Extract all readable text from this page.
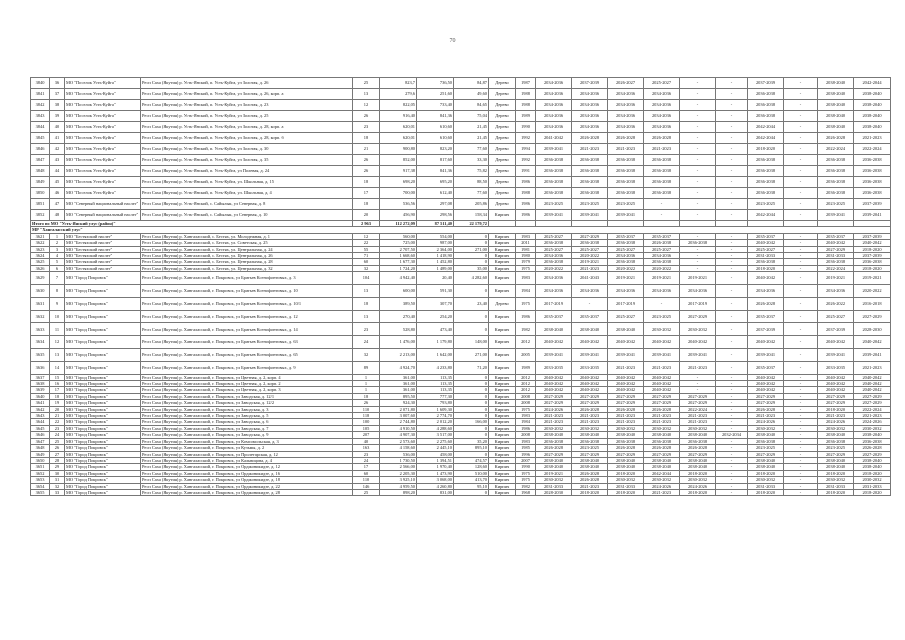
70
3840	36	МО "Поселок Усть-Куйга"	Респ Саха (Якутия) р. Усть-Янский, п. Усть-Куйга, ул Золотая, д. 26	25	823,7	736,50	84,87	Дерево	1987	2034-2036	2037-2039	2026-2027	2025-2027	-	-	2037-2039	-	2038-2040	2042-2044
3841	37	МО "Поселок Усть-Куйга"	Респ Саха (Якутия) р. Усть-Янский, п. Усть-Куйга, ул Золотая, д. 26, корп. а	13	279,6	251,60	49,60	Дерево	1988	2034-2036	2034-2036	2034-2036	2034-2036	-	-	2036-2038	-	2038-2040	2038-2040
3842	38	МО "Поселок Усть-Куйга"	Респ Саха (Якутия) р. Усть-Янский, п. Усть-Куйга, ул Золотая, д. 23	12	822,05	733,40	84,65	Дерево	1988	2034-2036	2034-2036	2034-2036	2034-2036	-	-	2036-2038	-	2038-2040	2038-2040
3843	39	МО "Поселок Усть-Куйга"	Респ Саха (Якутия) р. Усть-Янский, п. Усть-Куйга, ул Золотая, д. 25	26	916,40	841,36	75,04	Дерево	1989	2034-2036	2034-2036	2034-2036	2034-2036	-	-	2036-2038	-	2038-2040	2038-2040
3844	40	МО "Поселок Усть-Куйга"	Респ Саха (Якутия) р. Усть-Янский, п. Усть-Куйга, ул Золотая, д. 28, корп. а	23	620,01	610,60	21,45	Дерево	1990	2034-2036	2034-2036	2034-2036	2034-2036	-	-	2042-2044	-	2038-2040	2038-2040
3845	41	МО "Поселок Усть-Куйга"	Респ Саха (Якутия) р. Усть-Янский, п. Усть-Куйга, ул Золотая, д. 28, корп. б	18	620,01	610,60	21,45	Дерево	1992	2041-2042	2026-2028	2026-2028	2026-2028	-	-	2042-2044	-	2026-2028	2021-2023
3846	42	МО "Поселок Усть-Куйга"	Респ Саха (Якутия) р. Усть-Янский, п. Усть-Куйга, ул Золотая, д. 30	21	900,80	823,20	77,60	Дерево	1994	2039-2041	2021-2023	2021-2023	2021-2023	-	-	2018-2020	-	2022-2024	2022-2024
3847	43	МО "Поселок Усть-Куйга"	Респ Саха (Якутия) р. Усть-Янский, п. Усть-Куйга, ул Золотая, д. 35	26	852,00	817,60	33,30	Дерево	1992	2036-2038	2036-2038	2036-2038	2036-2038	-	-	2036-2038	-	2036-2038	2036-2038
3848	44	МО "Поселок Усть-Куйга"	Респ Саха (Якутия) р. Усть-Янский, п. Усть-Куйга, ул Полевая, д. 24	26	917,38	841,36	75,82	Дерево	1991	2036-2038	2036-2038	2036-2038	2036-2038	-	-	2036-2038	-	2036-2038	2036-2038
3849	45	МО "Поселок Усть-Куйга"	Респ Саха (Якутия) р. Усть-Янский, п. Усть-Куйга, ул. Школьная, д. 15	18	698,20	695,20	88,50	Дерево	1986	2036-2038	2036-2038	2036-2038	2036-2038	-	-	2036-2038	-	2036-2038	2036-2038
3850	46	МО "Поселок Усть-Куйга"	Респ Саха (Якутия) р. Усть-Янский, п. Усть-Куйга, ул. Школьная, д. 4	17	700,00	612,40	77,60	Дерево	1988	2036-2038	2036-2038	2036-2038	2036-2038	-	-	2036-2038	-	2036-2038	2036-2038
3851	47	МО "Северный национальный наслег"	Респ Саха (Якутия) р. Усть-Янский, с. Сайылык, ул Северная, д. 8	18	536,56	297,08	205,86	Дерево	1986	2023-2025	2023-2025	2023-2025	-	-	-	2023-2025	-	2023-2025	2037-2039
3852	48	МО "Северный национальный наслег"	Респ Саха (Якутия) р. Усть-Янский, с. Сайылык, ул Северная, д. 10	20	456,90	298,56	158,34	Кирпич	1986	2039-2041	2039-2041	2039-2041	-	-	-	2042-2044	-	2039-2041	2039-2041
Итого по МО "Усть-Янский улус (район)"				2 963	112 272,09	87 511,40	22 179,72												
МР "Хангаласский улус"																			
3621	1	МО "Бестяхский наслег"	Респ Саха (Якутия) р. Хангаласский, с. Бестях, ул. Молодежная, д. 1	12	560,00	554,00	0	Кирпич	1983	2025-2027	2027-2029	2035-2037	2035-2037	-	-	2035-2037	-	2035-2037	2037-2039
3622	2	МО "Бестяхский наслег"	Респ Саха (Якутия) р. Хангаласский, с. Бестях, ул. Советская, д. 25	22	725,00	987,00	0	Кирпич	2011	2036-2038	2036-2038	2036-2038	2026-2038	2036-2038	-	2040-2042	-	2040-2042	2040-2042
3623	3	МО "Бестяхский наслег"	Респ Саха (Якутия) р. Хангаласский, с. Бестях, ул. Центральная, д. 24	55	2 707,50	2 364,00	271,00	Кирпич	1981	2025-2027	2025-2027	2025-2027	2025-2027	-	-	2025-2027	-	2027-2029	2018-2020
3624	4	МО "Бестяхский наслег"	Респ Саха (Якутия) р. Хангаласский, с. Бестях, ул. Центральная, д. 26	71	1 668,60	1 418,90	0	Кирпич	1980	2034-2036	2020-2022	2034-2036	2034-2036	-	-	2031-2033	-	2031-2033	2037-2039
3625	5	МО "Бестяхский наслег"	Респ Саха (Якутия) р. Хангаласский, с. Бестях, ул. Центральная, д. 28	60	1 677,30	1 452,80	0	Кирпич	1979	2036-2038	2019-2021	2036-2038	2036-2038	-	-	2036-2038	-	2036-2038	2036-2038
3626	6	МО "Бестяхский наслег"	Респ Саха (Якутия) р. Хангаласский, с. Бестях, ул. Центральная, д. 32	32	1 724,20	1 489,00	35,00	Кирпич	1975	2020-2022	2021-2023	2020-2022	2020-2022	-	-	2018-2020	-	2022-2024	2018-2020
3629	7	МО "Город Покровск"	Респ Саха (Якутия) р. Хангаласский, г. Покровск, ул Братьев Ксенофонтовых, д. 3	104	4 942,40	20,40	4 282,60	Кирпич	1983	2034-2036	2041-2043	2019-2021	2019-2021	2019-2021	-	2040-2042	-	2019-2021	2019-2021
3630	8	МО "Город Покровск"	Респ Саха (Якутия) р. Хангаласский, г. Покровск, ул Братьев Ксенофонтовых, д. 10	13	600,00	591,30	0	Кирпич	1984	2034-2036	2034-2036	2034-2036	2034-2036	2034-2036	-	2034-2036	-	2034-2036	2020-2022
3631	9	МО "Город Покровск"	Респ Саха (Якутия) р. Хангаласский, г. Покровск, ул Братьев Ксенофонтовых, д. 10/1	18	389,50	307,70	23,40	Дерево	1975	2017-2019	-	2017-2019	-	2017-2019	-	2026-2028	-	2026-2022	2016-2018
3632	10	МО "Город Покровск"	Респ Саха (Якутия) р. Хангаласский, г. Покровск, ул Братьев Ксенофонтовых, д. 12	13	270,40	254,20	0	Кирпич	1986	2035-2037	2035-2037	2025-2027	2023-2025	2027-2029	-	2035-2037	-	2025-2027	2027-2029
3633	11	МО "Город Покровск"	Респ Саха (Якутия) р. Хангаласский, г. Покровск, ул Братьев Ксенофонтовых, д. 14	23	528,80	473,40	0	Кирпич	1982	2038-2040	2038-2040	2038-2040	2030-2032	2030-2032	-	2037-2039	-	2037-2039	2028-2030
3634	12	МО "Город Покровск"	Респ Саха (Якутия) р. Хангаласский, г. Покровск, ул Братьев Ксенофонтовых, д. 63	24	1 476,00	1 179,80	148,00	Кирпич	2012	2040-2042	2040-2042	2040-2042	2040-2042	2040-2042	-	2040-2042	-	2040-2042	2040-2042
3635	13	МО "Город Покровск"	Респ Саха (Якутия) р. Хангаласский, г. Покровск, ул Братьев Ксенофонтовых, д. 65	32	2 213,00	1 642,00	271,00	Кирпич	2005	2039-2041	2039-2041	2039-2041	2039-2041	2039-2041	-	2039-2041	-	2039-2041	2039-2041
3636	14	МО "Город Покровск"	Респ Саха (Якутия) р. Хангаласский, г. Покровск, ул Братьев Ксенофонтовых, д. 9	89	4 924,70	4 233,80	71,20	Кирпич	1989	2033-2035	2033-2035	2021-2023	2021-2023	2021-2023	-	2035-2037	-	2033-2035	2021-2023
3637	15	МО "Город Покровск"	Респ Саха (Якутия) р. Хангаласский, г. Покровск, ул Цветная, д. 2, корп. 4	1	361,00	113,35	0	Кирпич	2012	2040-2042	2040-2042	2040-2042	2040-2042	-	-	2040-2042	-	2040-2042	2040-2042
3638	16	МО "Город Покровск"	Респ Саха (Якутия) р. Хангаласский, г. Покровск, ул Цветная, д. 2, корп. 2	1	361,00	113,35	0	Кирпич	2012	2040-2042	2040-2042	2040-2042	2040-2042	-	-	2040-2042	-	2040-2042	2040-2042
3639	17	МО "Город Покровск"	Респ Саха (Якутия) р. Хангаласский, г. Покровск, ул Цветная, д. 2, корп. 3	1	361,00	113,35	0	Кирпич	2012	2040-2042	2040-2042	2040-2042	2040-2042	-	-	2040-2042	-	2040-2042	2040-2042
3640	18	МО "Город Покровск"	Респ Саха (Якутия) р. Хангаласский, г. Покровск, ул Заводская, д. 12/1	18	895,50	777,30	0	Кирпич	2008	2027-2029	2027-2029	2027-2029	2027-2029	2027-2029	-	2027-2029	-	2027-2029	2027-2029
3641	19	МО "Город Покровск"	Респ Саха (Якутия) р. Хангаласский, г. Покровск, ул Заводская, д. 12/2	26	924,30	793,80	0	Кирпич	2008	2027-2029	2027-2029	2027-2029	2027-2029	2027-2029	-	2027-2029	-	2027-2029	2027-2029
3642	20	МО "Город Покровск"	Респ Саха (Якутия) р. Хангаласский, г. Покровск, ул Заводская, д. 3	110	2 071,80	1 609,30	0	Кирпич	1975	2024-2026	2026-2028	2026-2028	2026-2028	2022-2024	-	2026-2028	-	2018-2020	2022-2024
3643	21	МО "Город Покровск"	Респ Саха (Якутия) р. Хангаласский, г. Покровск, ул Заводская, д. 5	118	3 007,60	2 774,70	0	Кирпич	1983	2021-2023	2021-2023	2021-2023	2021-2023	2021-2023	-	2021-2023	-	2021-2023	2021-2023
3644	22	МО "Город Покровск"	Респ Саха (Якутия) р. Хангаласский, г. Покровск, ул Заводская, д. 6	100	2 744,80	2 012,20	166,00	Кирпич	1984	2021-2023	2021-2023	2021-2023	2021-2023	2021-2023	-	2024-2026	-	2024-2026	2024-2026
3645	23	МО "Город Покровск"	Респ Саха (Якутия) р. Хангаласский, г. Покровск, ул Заводская, д. 7	105	4 910,50	4 288,60	0	Кирпич	1986	2030-2032	2030-2032	2030-2032	2030-2032	2030-2032	-	2030-2032	-	2030-2032	2030-2032
3646	24	МО "Город Покровск"	Респ Саха (Якутия) р. Хангаласский, г. Покровск, ул Заводская, д. 9	207	4 907,30	3 517,00	0	Кирпич	2008	2038-2040	2038-2040	2038-2040	2038-2040	2038-2040	2032-2034	2038-2040	-	2038-2040	2038-2040
3647	25	МО "Город Покровск"	Респ Саха (Якутия) р. Хангаласский, г. Покровск, ул Комсомольская, д. 3	40	2 573,60	2 275,60	35,20	Кирпич	1983	2036-2038	2036-2038	2036-2038	2036-2038	2036-2038	-	2036-2038	-	2036-2038	2036-2038
3648	26	МО "Город Покровск"	Респ Саха (Якутия) р. Хангаласский, г. Покровск, ул Кузьмы, д. 2	163	4 158,60	2 445,10	895,10	Кирпич	1985	2026-2028	2023-2025	2026-2028	2026-2028	2026-2028	-	2023-2025	-	2023-2025	2026-2028
3649	27	МО "Город Покровск"	Респ Саха (Якутия) р. Хангаласский, г. Покровск, ул Пролетарская, д. 12	23	536,00	458,00	0	Кирпич	1996	2027-2029	2027-2029	2027-2029	2027-2029	2027-2029	-	2027-2029	-	2027-2029	2027-2029
3650	28	МО "Город Покровск"	Респ Саха (Якутия) р. Хангаласский, г. Покровск, ул Кальвицова, д. 4	24	1 730,50	1 394,51	474,57	Кирпич	2007	2038-2040	2038-2040	2038-2040	2038-2040	2038-2040	-	2038-2040	-	2038-2040	2038-2040
3651	29	МО "Город Покровск"	Респ Саха (Якутия) р. Хангаласский, г. Покровск, ул Орджоникидзе, д. 12	17	2 566,00	1 970,40	128,60	Кирпич	1990	2038-2040	2038-2040	2038-2040	2038-2040	2038-2040	-	2038-2040	-	2038-2040	2038-2040
3652	30	МО "Город Покровск"	Респ Саха (Якутия) р. Хангаласский, г. Покровск, ул Орджоникидзе, д. 16	60	2 205,30	1 473,90	510,00	Кирпич	1975	2019-2021	2026-2028	2018-2020	2042-2044	2018-2020	-	2018-2020	-	2018-2020	2018-2020
3653	31	МО "Город Покровск"	Респ Саха (Якутия) р. Хангаласский, г. Покровск, ул Орджоникидзе, д. 18	110	3 925,10	3 068,00	413,70	Кирпич	1975	2030-2032	2026-2028	2030-2032	2030-2032	2030-2032	-	2030-2032	-	2030-2032	2030-2032
3654	32	МО "Город Покровск"	Респ Саха (Якутия) р. Хангаласский, г. Покровск, ул Орджоникидзе, д. 22	146	4 959,50	4 260,80	95,10	Кирпич	1982	2031-2033	2021-2023	2031-2033	2024-2026	2024-2026	-	2031-2033	-	2031-2033	2031-2033
3655	33	МО "Город Покровск"	Респ Саха (Якутия) р. Хангаласский, г. Покровск, ул Орджоникидзе, д. 28	25	898,20	831,00	0	Кирпич	1968	2028-2030	2018-2020	2018-2020	2021-2023	2018-2020	-	2018-2020	-	2018-2020	2018-2020
